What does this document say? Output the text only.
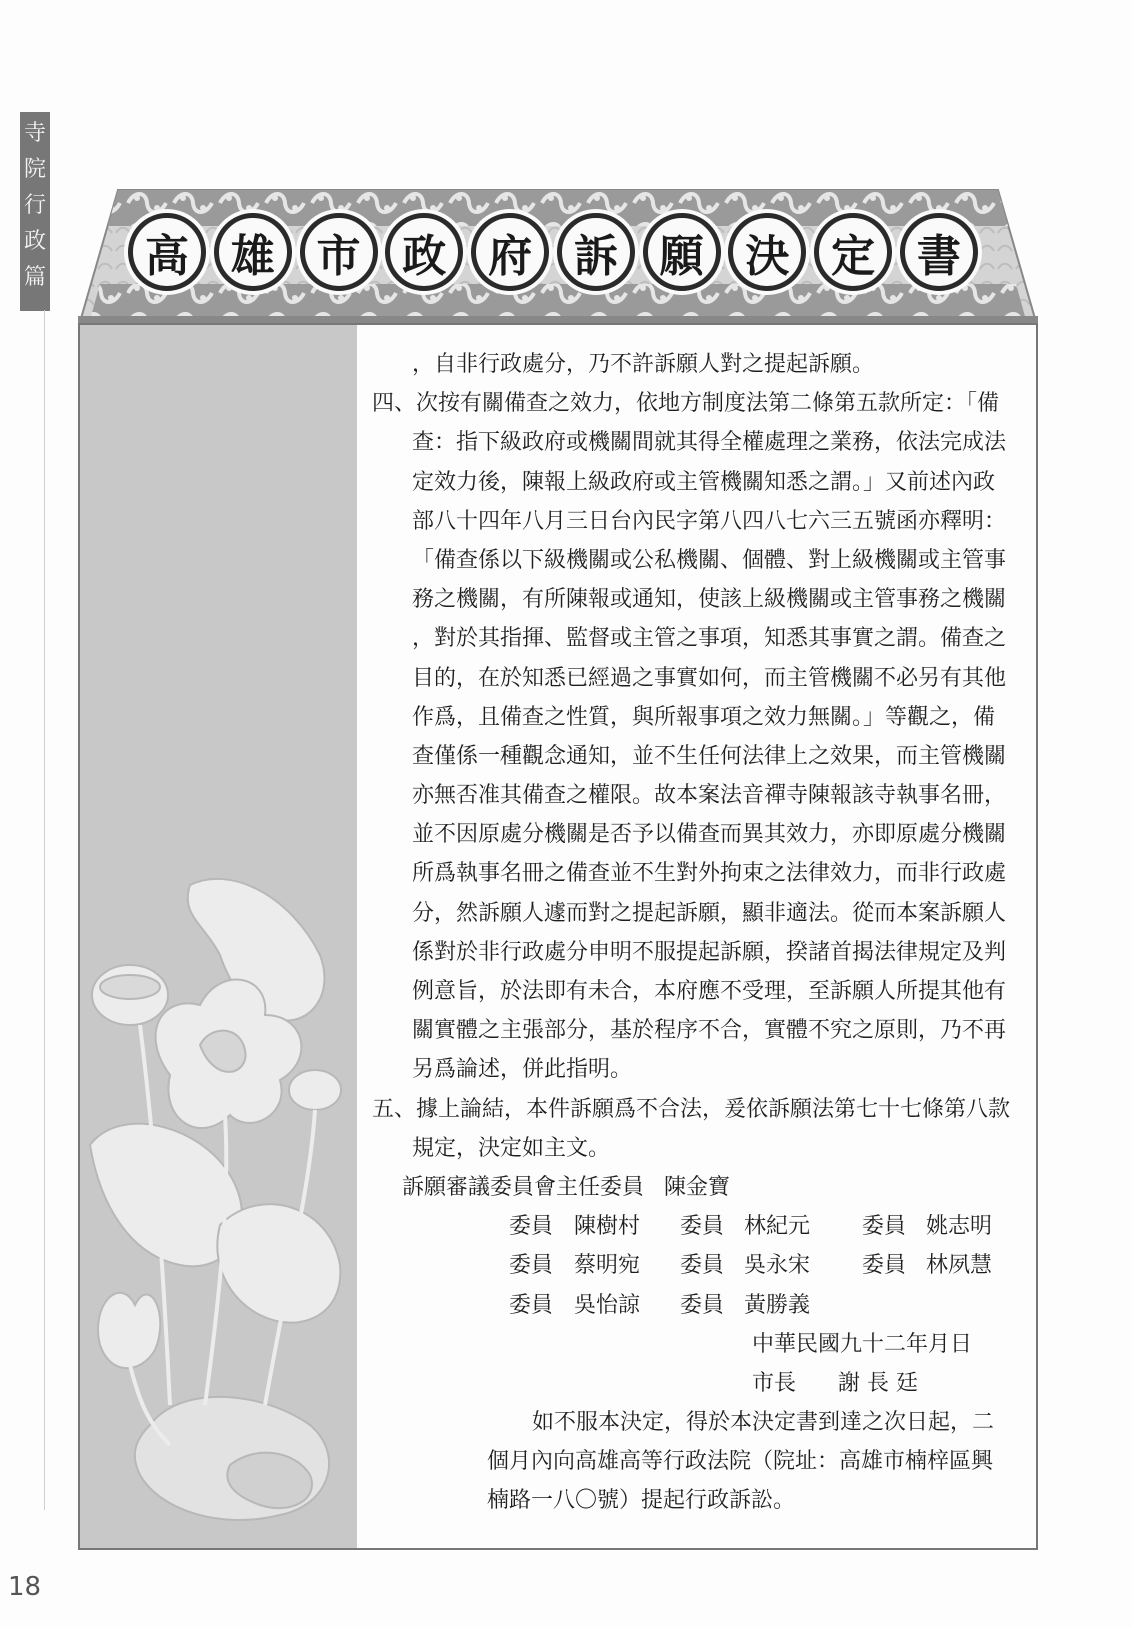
寺
院
行
政
篇	高 雄 市 政 府 訴 願 決 定 書
，自非行政處分，乃不許訴願人對之提起訴願。
四、次按有關備查之效力，依地方制度法第二條第五款所定：「備
查：指下級政府或機關間就其得全權處理之業務，依法完成法
定效力後，陳報上級政府或主管機關知悉之謂。」又前述內政
部八十四年八月三日台內民字第八四八七六三五號函亦釋明：
「備查係以下級機關或公私機關、個體、對上級機關或主管事
務之機關，有所陳報或通知，使該上級機關或主管事務之機關
，對於其指揮、監督或主管之事項，知悉其事實之謂。備查之
目的，在於知悉已經過之事實如何，而主管機關不必另有其他
作爲，且備查之性質，與所報事項之效力無關。」等觀之，備
查僅係一種觀念通知，並不生任何法律上之效果，而主管機關
亦無否准其備查之權限。故本案法音禪寺陳報該寺執事名冊，
並不因原處分機關是否予以備查而異其效力，亦即原處分機關
所爲執事名冊之備查並不生對外拘束之法律效力，而非行政處
分，然訴願人遽而對之提起訴願，顯非適法。從而本案訴願人
係對於非行政處分申明不服提起訴願，揆諸首揭法律規定及判
例意旨，於法即有未合，本府應不受理，至訴願人所提其他有
關實體之主張部分，基於程序不合，實體不究之原則，乃不再
另爲論述，併此指明。
五、據上論結，本件訴願爲不合法，爰依訴願法第七十七條第八款
規定，決定如主文。
訴願審議委員會主任委員 陳金寶
委員 陳樹村 委員 林紀元 委員 姚志明
委員 蔡明宛 委員 吳永宋 委員 林夙慧
委員 吳怡諒 委員 黃勝義
中華民國九十二年月日
市長 謝 長 廷
如不服本決定，得於本決定書到達之次日起，二
個月內向高雄高等行政法院（院址：高雄市楠梓區興
楠路一八〇號）提起行政訴訟。
18
